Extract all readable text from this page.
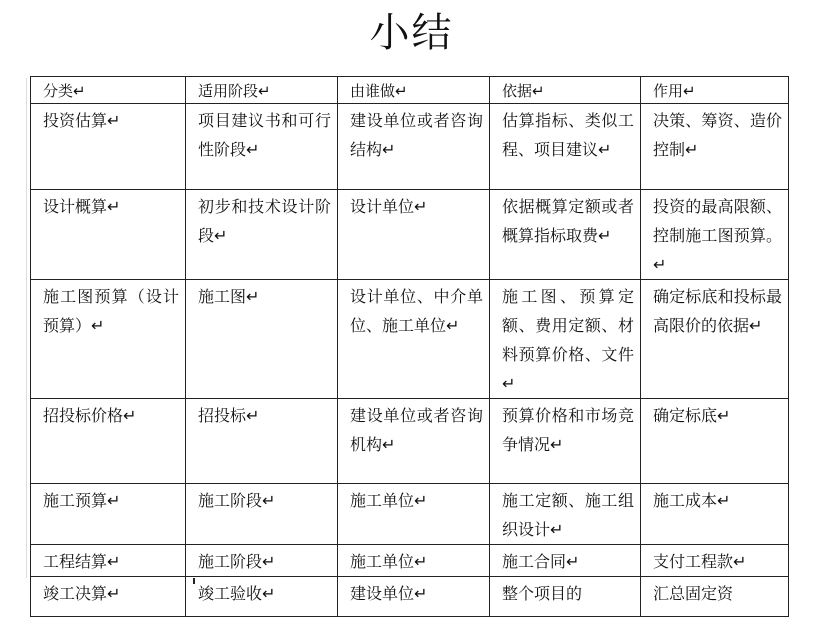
小结
分类↵	适用阶段↵	由谁做↵	依据↵	作用↵
投资估算↵	项目建议书和可行性阶段↵	建设单位或者咨询结构↵	估算指标、类似工程、项目建议↵	决策、筹资、造价控制↵
设计概算↵	初步和技术设计阶段↵	设计单位↵	依据概算定额或者概算指标取费↵	投资的最高限额、控制施工图预算。↵
施工图预算（设计预算）↵	施工图↵	设计单位、中介单位、施工单位↵	施工图、预算定额、费用定额、材料预算价格、文件↵	确定标底和投标最高限价的依据↵
招投标价格↵	招投标↵	建设单位或者咨询机构↵	预算价格和市场竞争情况↵	确定标底↵
施工预算↵	施工阶段↵	施工单位↵	施工定额、施工组织设计↵	施工成本↵
工程结算↵	施工阶段↵	施工单位↵	施工合同↵	支付工程款↵
竣工决算↵	竣工验收↵	建设单位↵	整个项目的	汇总固定资
